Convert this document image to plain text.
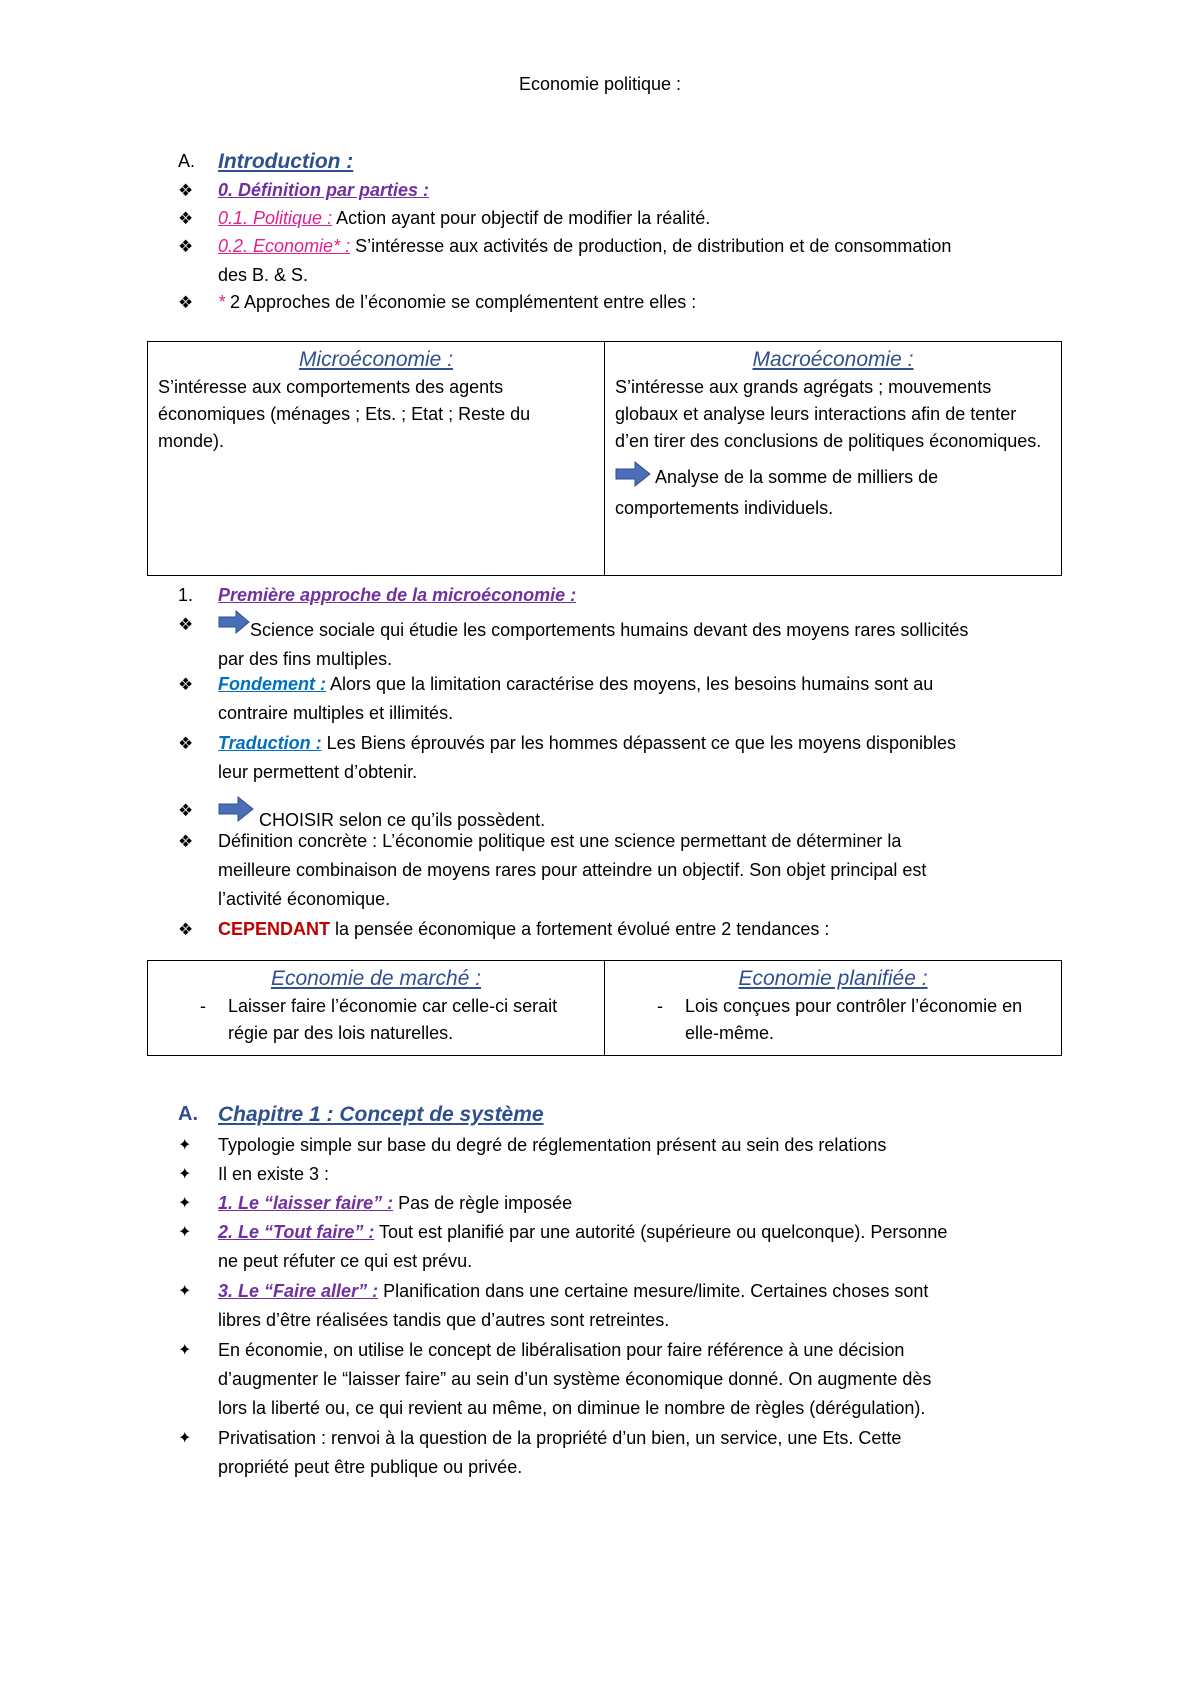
Economie politique :
A.	Introduction :
❖	0. Définition par parties :
❖	0.1. Politique : Action ayant pour objectif de modifier la réalité.
❖	0.2. Economie* : S’intéresse aux activités de production, de distribution et de consommation
des B. & S.
❖	* 2 Approches de l’économie se complémentent entre elles :
Microéconomie :
S’intéresse aux comportements des agents économiques (ménages ; Ets. ; Etat ; Reste du monde).

Macroéconomie :
S’intéresse aux grands agrégats ; mouvements globaux et analyse leurs interactions afin de tenter d’en tirer des conclusions de politiques économiques.
Analyse de la somme de milliers de comportements individuels.
1.	Première approche de la microéconomie :
❖	Science sociale qui étudie les comportements humains devant des moyens rares sollicités
par des fins multiples.
❖	Fondement : Alors que la limitation caractérise des moyens, les besoins humains sont au
contraire multiples et illimités.
❖	Traduction : Les Biens éprouvés par les hommes dépassent ce que les moyens disponibles
leur permettent d’obtenir.
❖	CHOISIR selon ce qu’ils possèdent.
❖	Définition concrète : L’économie politique est une science permettant de déterminer la
meilleure combinaison de moyens rares pour atteindre un objectif. Son objet principal est
l’activité économique.
❖	CEPENDANT la pensée économique a fortement évolué entre 2 tendances :
Economie de marché :
- Laisser faire l’économie car celle-ci serait régie par des lois naturelles.

Economie planifiée :
- Lois conçues pour contrôler l’économie en elle-même.
A. Chapitre 1 : Concept de système
✦	Typologie simple sur base du degré de réglementation présent au sein des relations
✦	Il en existe 3 :
✦	1. Le “laisser faire” : Pas de règle imposée
✦	2. Le “Tout faire” : Tout est planifié par une autorité (supérieure ou quelconque). Personne
ne peut réfuter ce qui est prévu.
✦	3. Le “Faire aller” : Planification dans une certaine mesure/limite. Certaines choses sont
libres d’être réalisées tandis que d’autres sont retreintes.
✦	En économie, on utilise le concept de libéralisation pour faire référence à une décision
d’augmenter le “laisser faire” au sein d’un système économique donné. On augmente dès
lors la liberté ou, ce qui revient au même, on diminue le nombre de règles (dérégulation).
✦	Privatisation : renvoi à la question de la propriété d’un bien, un service, une Ets. Cette
propriété peut être publique ou privée.
